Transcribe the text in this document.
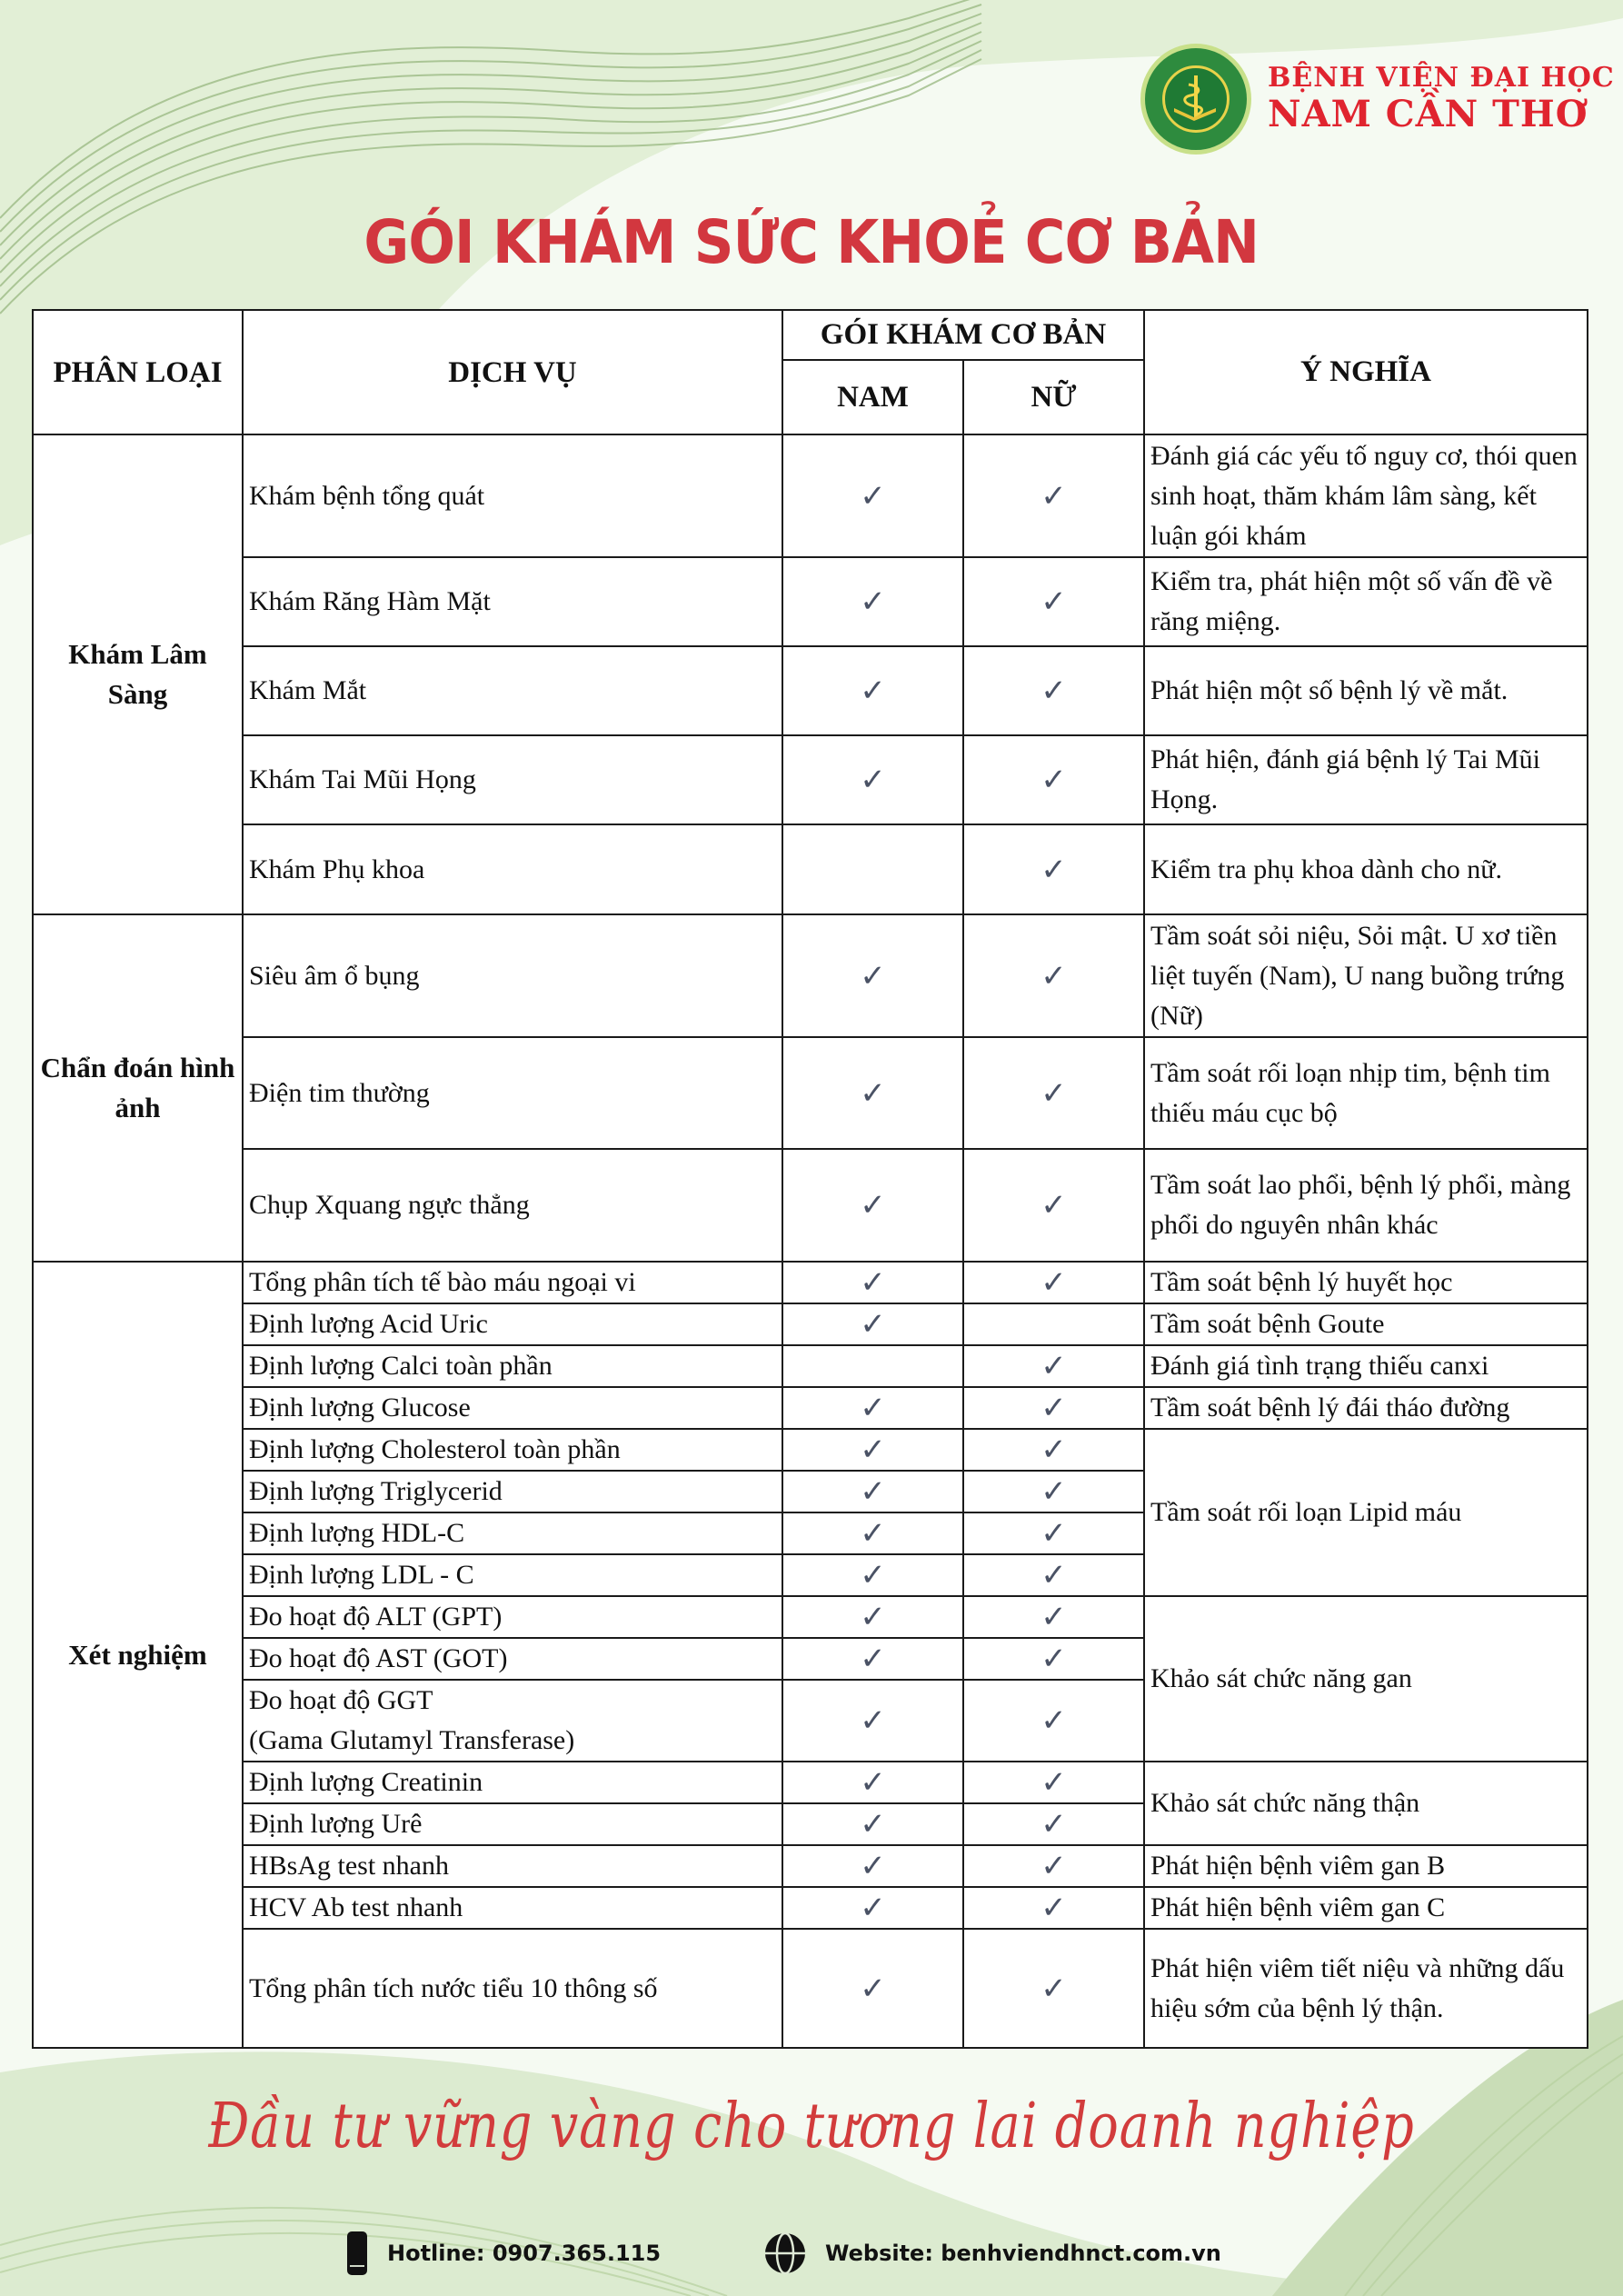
BỆNH VIỆN ĐẠI HỌC
NAM CẦN THƠ
GÓI KHÁM SỨC KHOẺ CƠ BẢN
PHÂN LOẠI	DỊCH VỤ	GÓI KHÁM CƠ BẢN		Ý NGHĨA
		NAM	NỮ	
Khám Lâm Sàng	Khám bệnh tổng quát	✓	✓	Đánh giá các yếu tố nguy cơ, thói quen sinh hoạt, thăm khám lâm sàng, kết luận gói khám
	Khám Răng Hàm Mặt	✓	✓	Kiểm tra, phát hiện một số vấn đề về răng miệng.
	Khám Mắt	✓	✓	Phát hiện một số bệnh lý về mắt.
	Khám Tai Mũi Họng	✓	✓	Phát hiện, đánh giá bệnh lý Tai Mũi Họng.
	Khám Phụ khoa		✓	Kiểm tra phụ khoa dành cho nữ.
Chẩn đoán hình ảnh	Siêu âm ổ bụng	✓	✓	Tầm soát sỏi niệu, Sỏi mật. U xơ tiền liệt tuyến (Nam), U nang buồng trứng (Nữ)
	Điện tim thường	✓	✓	Tầm soát rối loạn nhịp tim, bệnh tim thiếu máu cục bộ
	Chụp Xquang ngực thẳng	✓	✓	Tầm soát lao phổi, bệnh lý phổi, màng phổi do nguyên nhân khác
Xét nghiệm	Tổng phân tích tế bào máu ngoại vi	✓	✓	Tầm soát bệnh lý huyết học
	Định lượng Acid Uric	✓		Tầm soát bệnh Goute
	Định lượng Calci toàn phần		✓	Đánh giá tình trạng thiếu canxi
	Định lượng Glucose	✓	✓	Tầm soát bệnh lý đái tháo đường
	Định lượng Cholesterol toàn phần	✓	✓	Tầm soát rối loạn Lipid máu
	Định lượng Triglycerid	✓	✓	
	Định lượng HDL-C	✓	✓	
	Định lượng LDL - C	✓	✓	
	Đo hoạt độ ALT (GPT)	✓	✓	Khảo sát chức năng gan
	Đo hoạt độ AST (GOT)	✓	✓	

	Đo hoạt độ GGT
(Gama Glutamyl Transferase)	✓	✓	
	Định lượng Creatinin	✓	✓	Khảo sát chức năng thận
	Định lượng Urê	✓	✓	
	HBsAg test nhanh	✓	✓	Phát hiện bệnh viêm gan B
	HCV Ab test nhanh	✓	✓	Phát hiện bệnh viêm gan C
	Tổng phân tích nước tiểu 10 thông số	✓	✓	Phát hiện viêm tiết niệu và những dấu hiệu sớm của bệnh lý thận.
Đầu tư vững vàng cho tương lai doanh nghiệp
Hotline: 0907.365.115	Website: benhviendhnct.com.vn
